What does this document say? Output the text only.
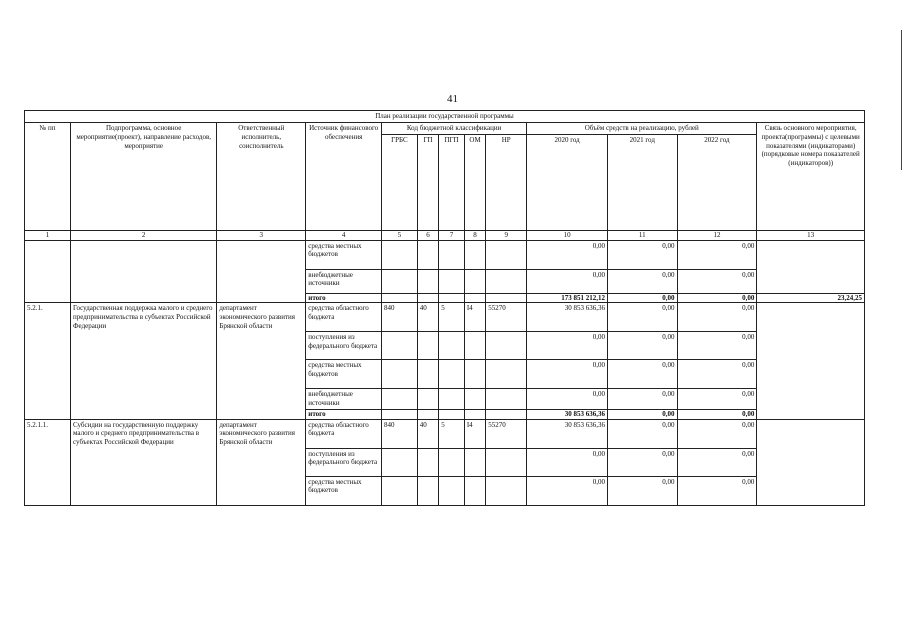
41
План реализации государственной программы												
№ пп	Подпрограмма, основное мероприятие(проект), направление расходов, мероприятие	Ответственный исполнитель, соисполнитель	Источник финансового обеспечения	Код бюджетной классификации					Объём средств на реализацию, рублей			Связь основного мероприятия, проекта(программы) с целевыми показателями (индикаторами) (порядковые номера показателей (индикаторов))
				ГРБС	ГП	ПГП	ОМ	НР	2020 год	2021 год	2022 год	
1	2	3	4	5	6	7	8	9	10	11	12	13
			средства местных бюджетов						0,00	0,00	0,00	
			внебюджетные источники						0,00	0,00	0,00	
			итого						173 851 212,12	0,00	0,00	23,24,25
5.2.1.	Государственная поддержка малого и среднего предпринимательства в субъектах Российской Федерации	департамент экономического развития Брянской области	средства областного бюджета	840	40	5	I4	55270	30 853 636,36	0,00	0,00	
			поступления из федерального бюджета						0,00	0,00	0,00	
			средства местных бюджетов						0,00	0,00	0,00	
			внебюджетные источники						0,00	0,00	0,00	
			итого						30 853 636,36	0,00	0,00	
5.2.1.1.	Субсидии на государственную поддержку малого и среднего предпринимательства в субъектах Российской Федерации	департамент экономического развития Брянской области	средства областного бюджета	840	40	5	I4	55270	30 853 636,36	0,00	0,00	
			поступления из федерального бюджета						0,00	0,00	0,00	
			средства местных бюджетов						0,00	0,00	0,00	
